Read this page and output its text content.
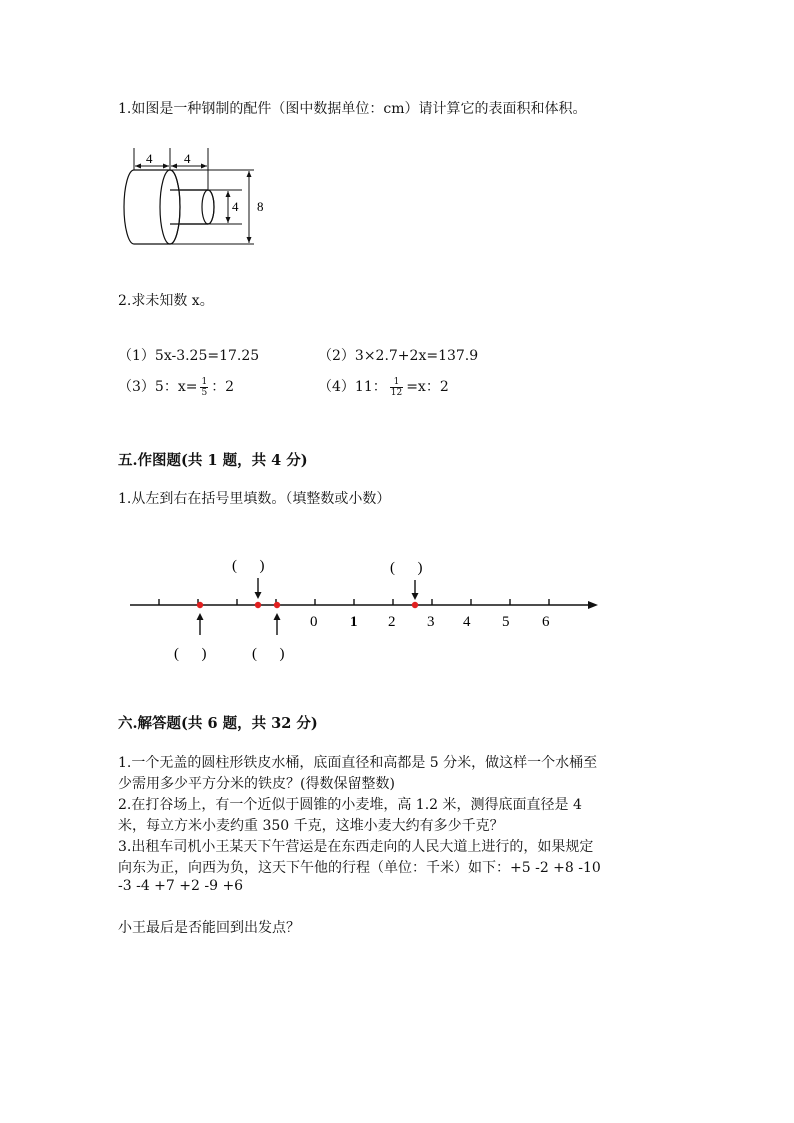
1.如图是一种钢制的配件（图中数据单位：cm）请计算它的表面积和体积。
4 4
4 8
2.求未知数 x。
（1）5x-3.25=17.25	（2）3×2.7+2x=137.9
（3）5：$x= \frac{1}{5}$ ：2	（4）11： $\frac{1}{12} =x$：2
五.作图题(共 1 题，共 4 分)
1.从左到右在括号里填数。（填整数或小数）
0 1 2 3 4 5 6
(      )	(      )
(      )	(      )
六.解答题(共 6 题，共 32 分)
1.一个无盖的圆柱形铁皮水桶，底面直径和高都是 5 分米，做这样一个水桶至
少需用多少平方分米的铁皮？(得数保留整数)
2.在打谷场上，有一个近似于圆锥的小麦堆，高 1.2 米，测得底面直径是 4
米，每立方米小麦约重 350 千克，这堆小麦大约有多少千克？
3.出租车司机小王某天下午营运是在东西走向的人民大道上进行的，如果规定
向东为正，向西为负，这天下午他的行程（单位：千米）如下：+5 -2 +8 -10
-3 -4 +7 +2 -9 +6
小王最后是否能回到出发点？
